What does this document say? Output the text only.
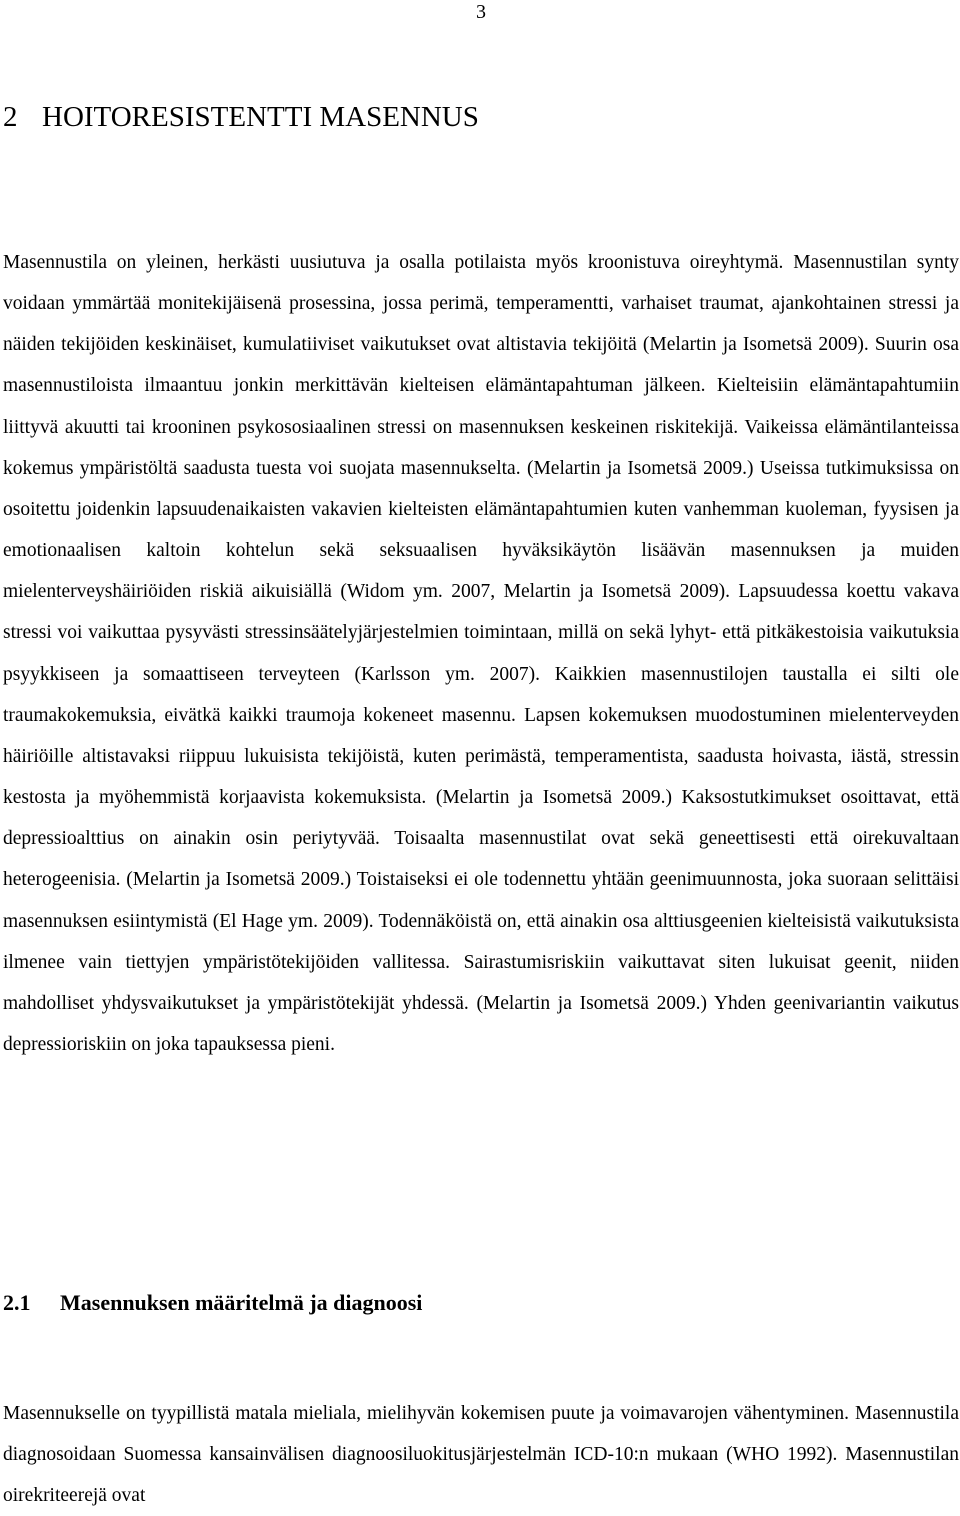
3
2 HOITORESISTENTTI MASENNUS

Masennustila on yleinen, herkästi uusiutuva ja osalla potilaista myös kroonistuva oireyhtymä. Masennustilan synty voidaan ymmärtää monitekijäisenä prosessina, jossa perimä, temperamentti, varhaiset traumat, ajankohtainen stressi ja näiden tekijöiden keskinäiset, kumulatiiviset vaikutukset ovat altistavia tekijöitä (Melartin ja Isometsä 2009). Suurin osa masennustiloista ilmaantuu jonkin merkittävän kielteisen elämäntapahtuman jälkeen. Kielteisiin elämäntapahtumiin liittyvä akuutti tai krooninen psykososiaalinen stressi on masennuksen keskeinen riskitekijä. Vaikeissa elämäntilanteissa kokemus ympäristöltä saadusta tuesta voi suojata masennukselta. (Melartin ja Isometsä 2009.) Useissa tutkimuksissa on osoitettu joidenkin lapsuudenaikaisten vakavien kielteisten elämäntapahtumien kuten vanhemman kuoleman, fyysisen ja emotionaalisen kaltoin kohtelun sekä seksuaalisen hyväksikäytön lisäävän masennuksen ja muiden mielenterveyshäiriöiden riskiä aikuisiällä (Widom ym. 2007, Melartin ja Isometsä 2009). Lapsuudessa koettu vakava stressi voi vaikuttaa pysyvästi stressinsäätelyjärjestelmien toimintaan, millä on sekä lyhyt- että pitkäkestoisia vaikutuksia psyykkiseen ja somaattiseen terveyteen (Karlsson ym. 2007). Kaikkien masennustilojen taustalla ei silti ole traumakokemuksia, eivätkä kaikki traumoja kokeneet masennu. Lapsen kokemuksen muodostuminen mielenterveyden häiriöille altistavaksi riippuu lukuisista tekijöistä, kuten perimästä, temperamentista, saadusta hoivasta, iästä, stressin kestosta ja myöhemmistä korjaavista kokemuksista. (Melartin ja Isometsä 2009.) Kaksostutkimukset osoittavat, että depressioalttius on ainakin osin periytyvää. Toisaalta masennustilat ovat sekä geneettisesti että oirekuvaltaan heterogeenisia. (Melartin ja Isometsä 2009.) Toistaiseksi ei ole todennettu yhtään geenimuunnosta, joka suoraan selittäisi masennuksen esiintymistä (El Hage ym. 2009). Todennäköistä on, että ainakin osa alttiusgeenien kielteisistä vaikutuksista ilmenee vain tiettyjen ympäristötekijöiden vallitessa. Sairastumisriskiin vaikuttavat siten lukuisat geenit, niiden mahdolliset yhdysvaikutukset ja ympäristötekijät yhdessä. (Melartin ja Isometsä 2009.) Yhden geenivariantin vaikutus depressioriskiin on joka tapauksessa pieni.

2.1 Masennuksen määritelmä ja diagnoosi

Masennukselle on tyypillistä matala mieliala, mielihyvän kokemisen puute ja voimavarojen vähentyminen. Masennustila diagnosoidaan Suomessa kansainvälisen diagnoosiluokitusjärjestelmän ICD-10:n mukaan (WHO 1992). Masennustilan oirekriteerejä ovat
